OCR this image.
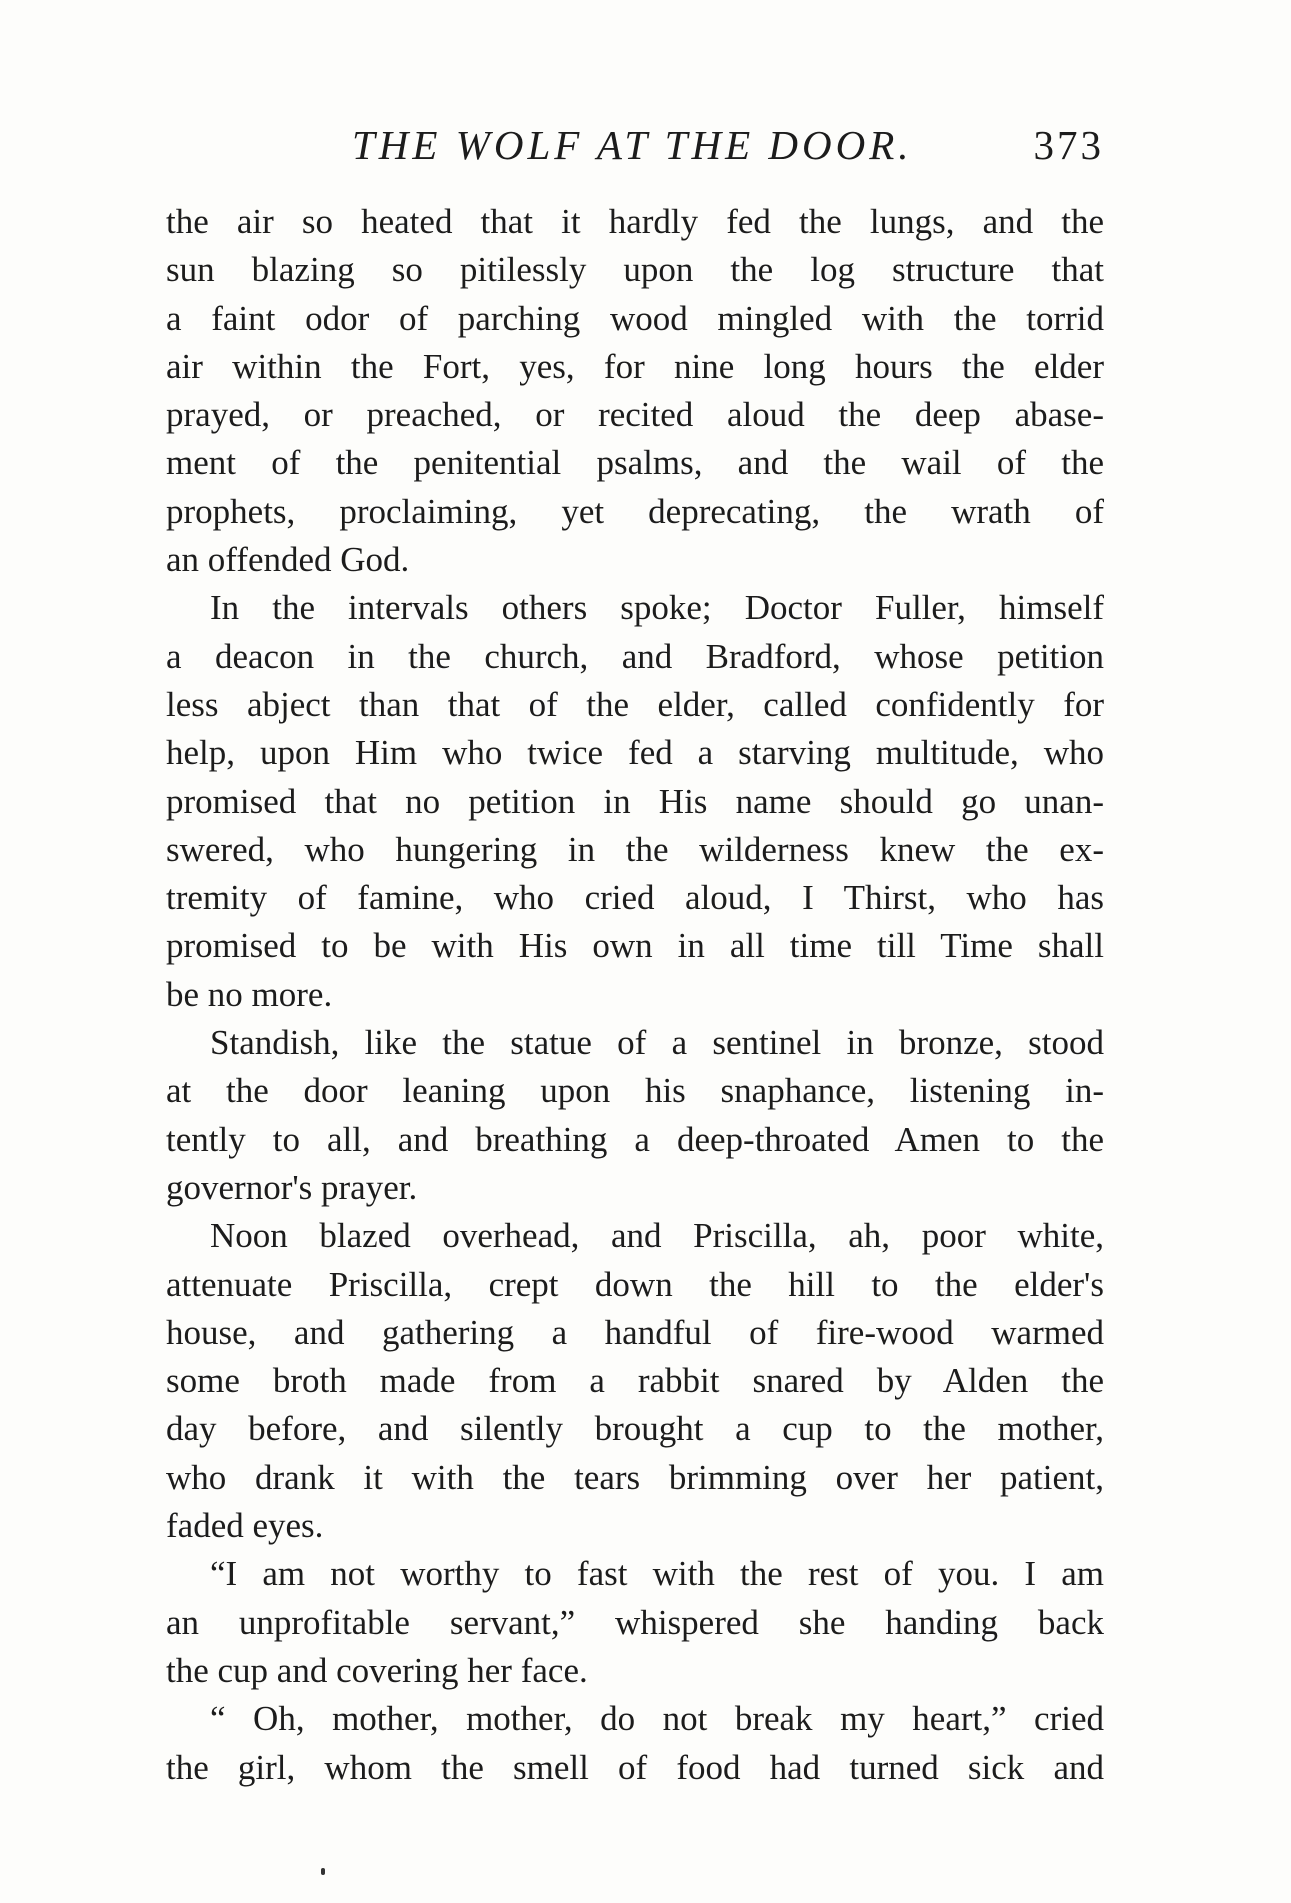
THE WOLF AT THE DOOR.	373
the air so heated that it hardly fed the lungs, and the
sun blazing so pitilessly upon the log structure that
a faint odor of parching wood mingled with the torrid
air within the Fort, yes, for nine long hours the elder
prayed, or preached, or recited aloud the deep abase-
ment of the penitential psalms, and the wail of the
prophets, proclaiming, yet deprecating, the wrath of
an offended God.
In the intervals others spoke; Doctor Fuller, himself
a deacon in the church, and Bradford, whose petition
less abject than that of the elder, called confidently for
help, upon Him who twice fed a starving multitude, who
promised that no petition in His name should go unan-
swered, who hungering in the wilderness knew the ex-
tremity of famine, who cried aloud, I Thirst, who has
promised to be with His own in all time till Time shall
be no more.
Standish, like the statue of a sentinel in bronze, stood
at the door leaning upon his snaphance, listening in-
tently to all, and breathing a deep-throated Amen to the
governor's prayer.
Noon blazed overhead, and Priscilla, ah, poor white,
attenuate Priscilla, crept down the hill to the elder's
house, and gathering a handful of fire-wood warmed
some broth made from a rabbit snared by Alden the
day before, and silently brought a cup to the mother,
who drank it with the tears brimming over her patient,
faded eyes.
“I am not worthy to fast with the rest of you. I am
an unprofitable servant,” whispered she handing back
the cup and covering her face.
“ Oh, mother, mother, do not break my heart,” cried
the girl, whom the smell of food had turned sick and
